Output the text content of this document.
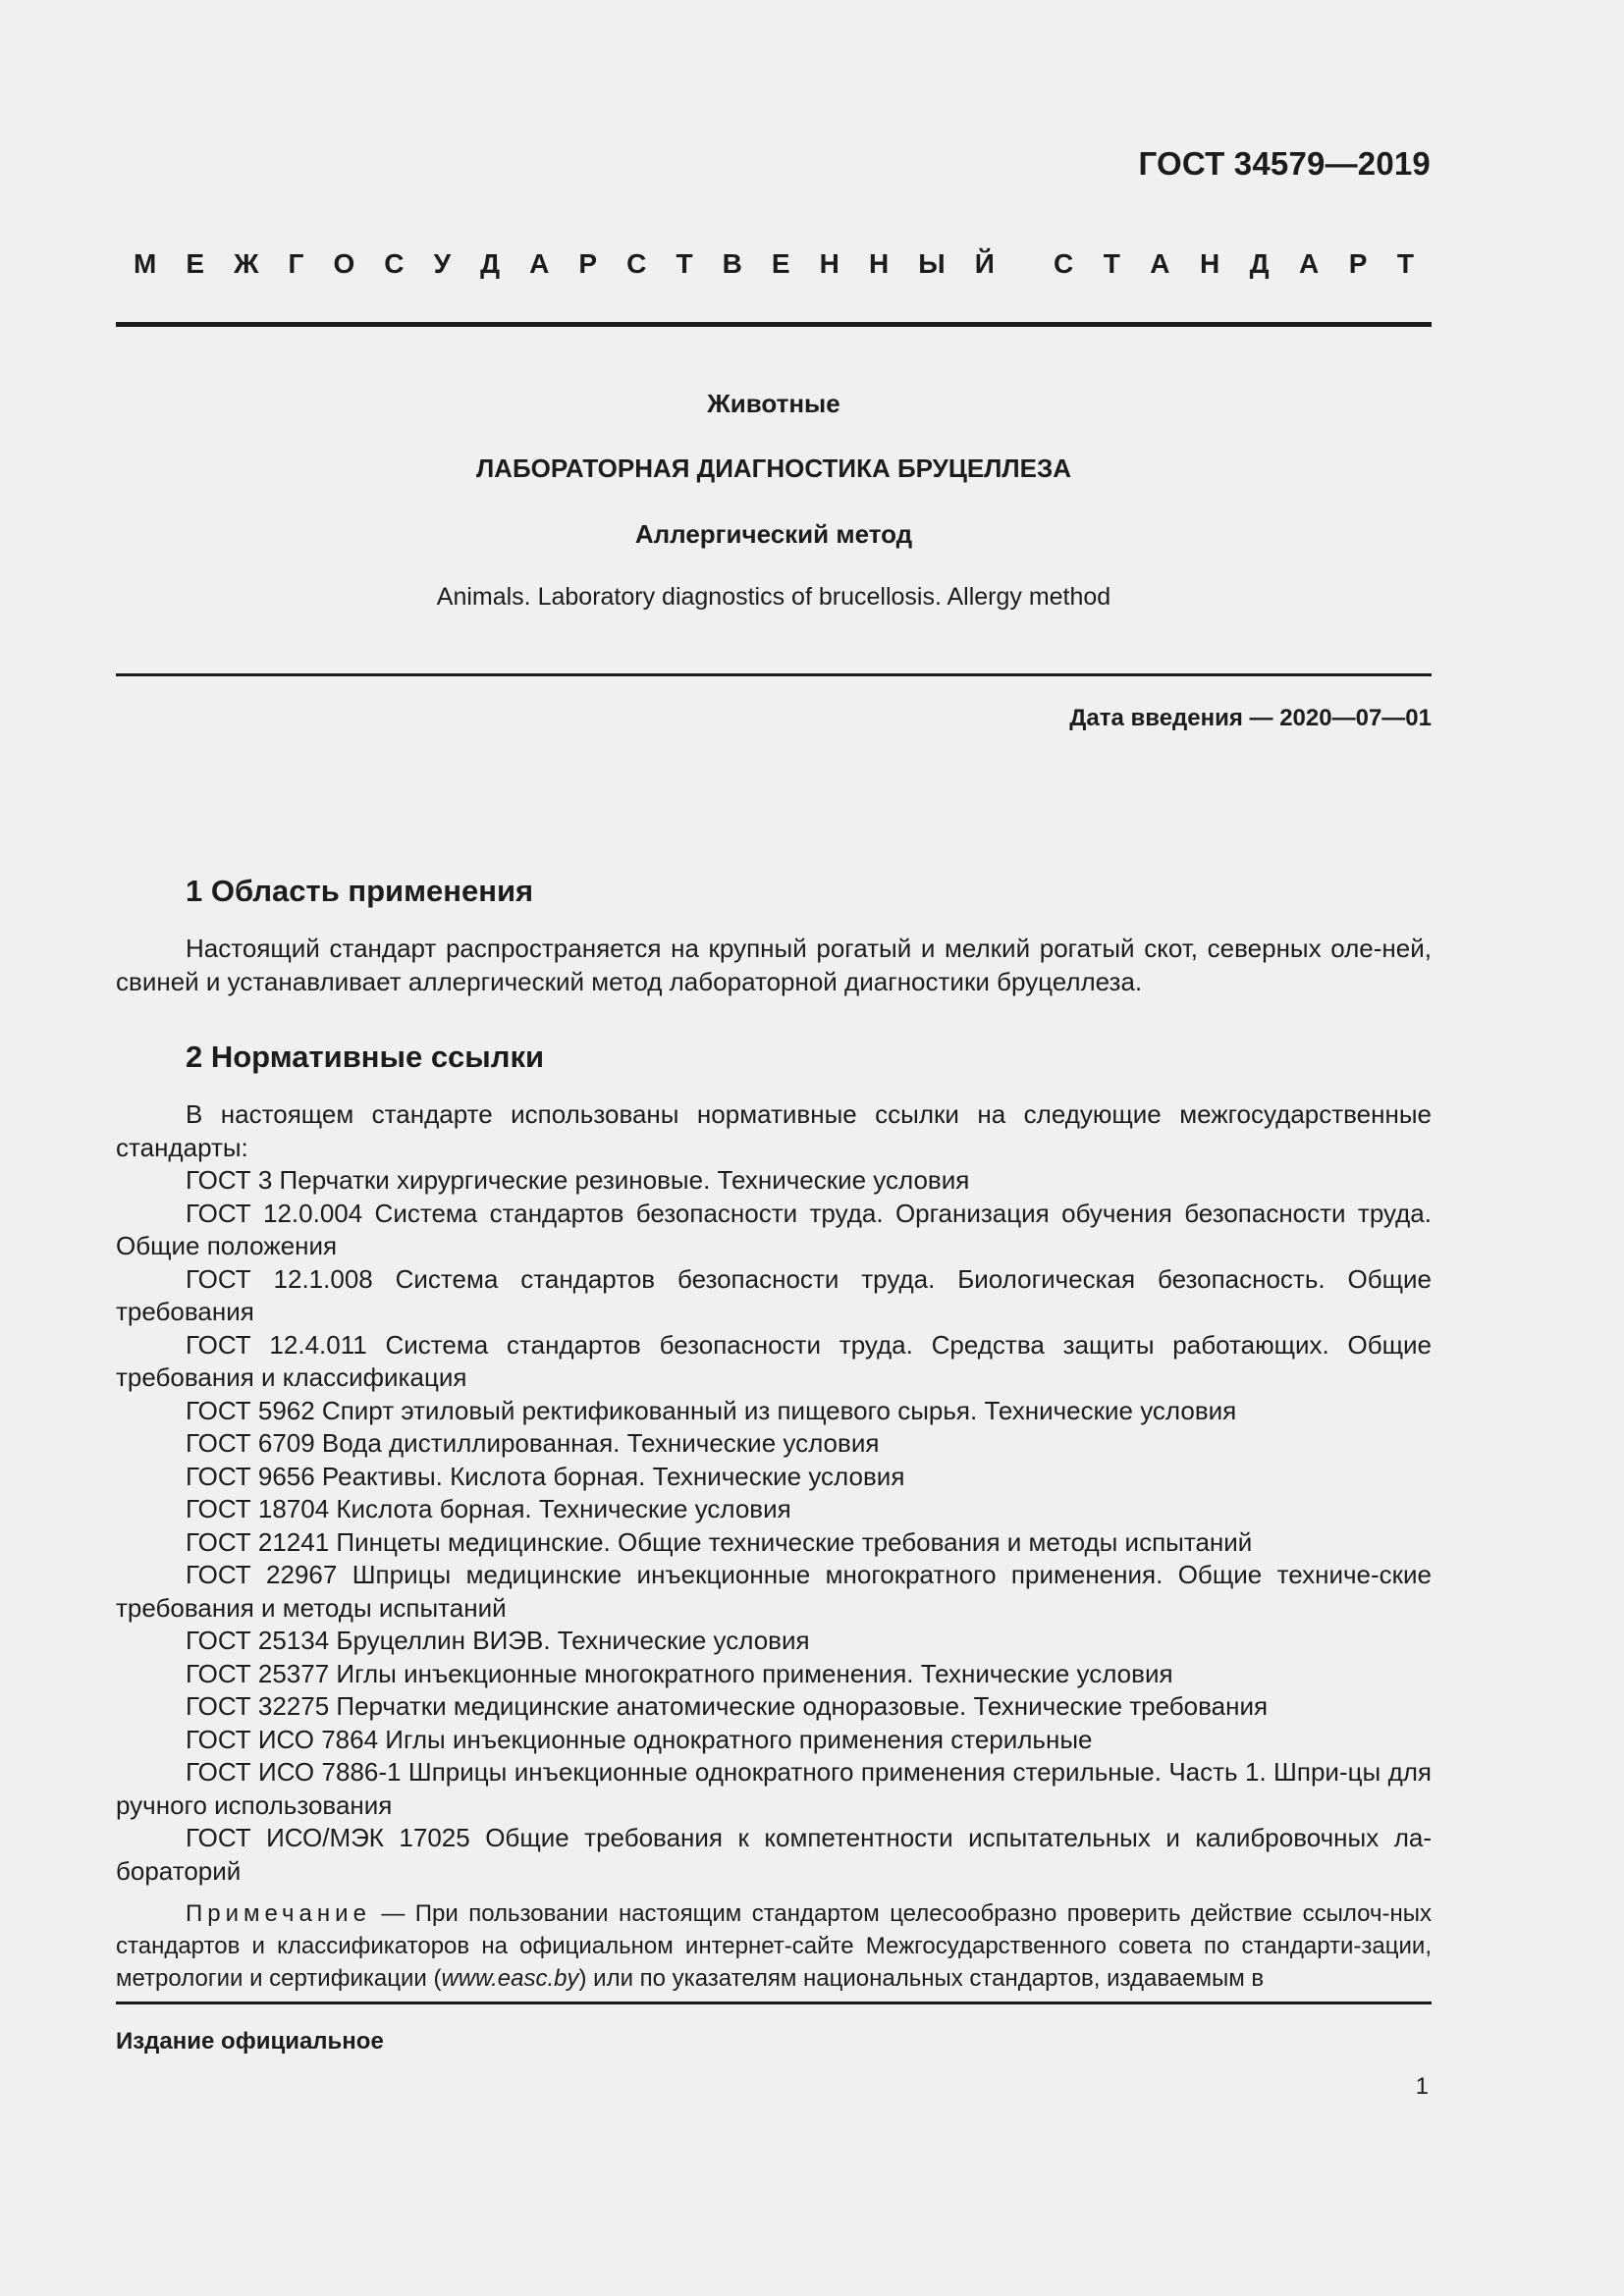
ГОСТ 34579—2019
М Е Ж Г О С У Д А Р С Т В Е Н Н Ы Й С Т А Н Д А Р Т
Животные
ЛАБОРАТОРНАЯ ДИАГНОСТИКА БРУЦЕЛЛЕЗА
Аллергический метод
Animals. Laboratory diagnostics of brucellosis. Allergy method
Дата введения — 2020—07—01
1 Область применения

Настоящий стандарт распространяется на крупный рогатый и мелкий рогатый скот, северных оле-ней, свиней и устанавливает аллергический метод лабораторной диагностики бруцеллеза.

2 Нормативные ссылки

В настоящем стандарте использованы нормативные ссылки на следующие межгосударственные стандарты:

ГОСТ 3 Перчатки хирургические резиновые. Технические условия

ГОСТ 12.0.004 Система стандартов безопасности труда. Организация обучения безопасности труда. Общие положения

ГОСТ 12.1.008 Система стандартов безопасности труда. Биологическая безопасность. Общие требования

ГОСТ 12.4.011 Система стандартов безопасности труда. Средства защиты работающих. Общие требования и классификация

ГОСТ 5962 Спирт этиловый ректификованный из пищевого сырья. Технические условия

ГОСТ 6709 Вода дистиллированная. Технические условия

ГОСТ 9656 Реактивы. Кислота борная. Технические условия

ГОСТ 18704 Кислота борная. Технические условия

ГОСТ 21241 Пинцеты медицинские. Общие технические требования и методы испытаний

ГОСТ 22967 Шприцы медицинские инъекционные многократного применения. Общие техниче-ские требования и методы испытаний

ГОСТ 25134 Бруцеллин ВИЭВ. Технические условия

ГОСТ 25377 Иглы инъекционные многократного применения. Технические условия

ГОСТ 32275 Перчатки медицинские анатомические одноразовые. Технические требования

ГОСТ ИСО 7864 Иглы инъекционные однократного применения стерильные

ГОСТ ИСО 7886-1 Шприцы инъекционные однократного применения стерильные. Часть 1. Шпри-цы для ручного использования

ГОСТ ИСО/МЭК 17025 Общие требования к компетентности испытательных и калибровочных ла-бораторий

Примечание — При пользовании настоящим стандартом целесообразно проверить действие ссылоч-ных стандартов и классификаторов на официальном интернет-сайте Межгосударственного совета по стандарти-зации, метрологии и сертификации (www.easc.by) или по указателям национальных стандартов, издаваемым в

Издание официальное
1
